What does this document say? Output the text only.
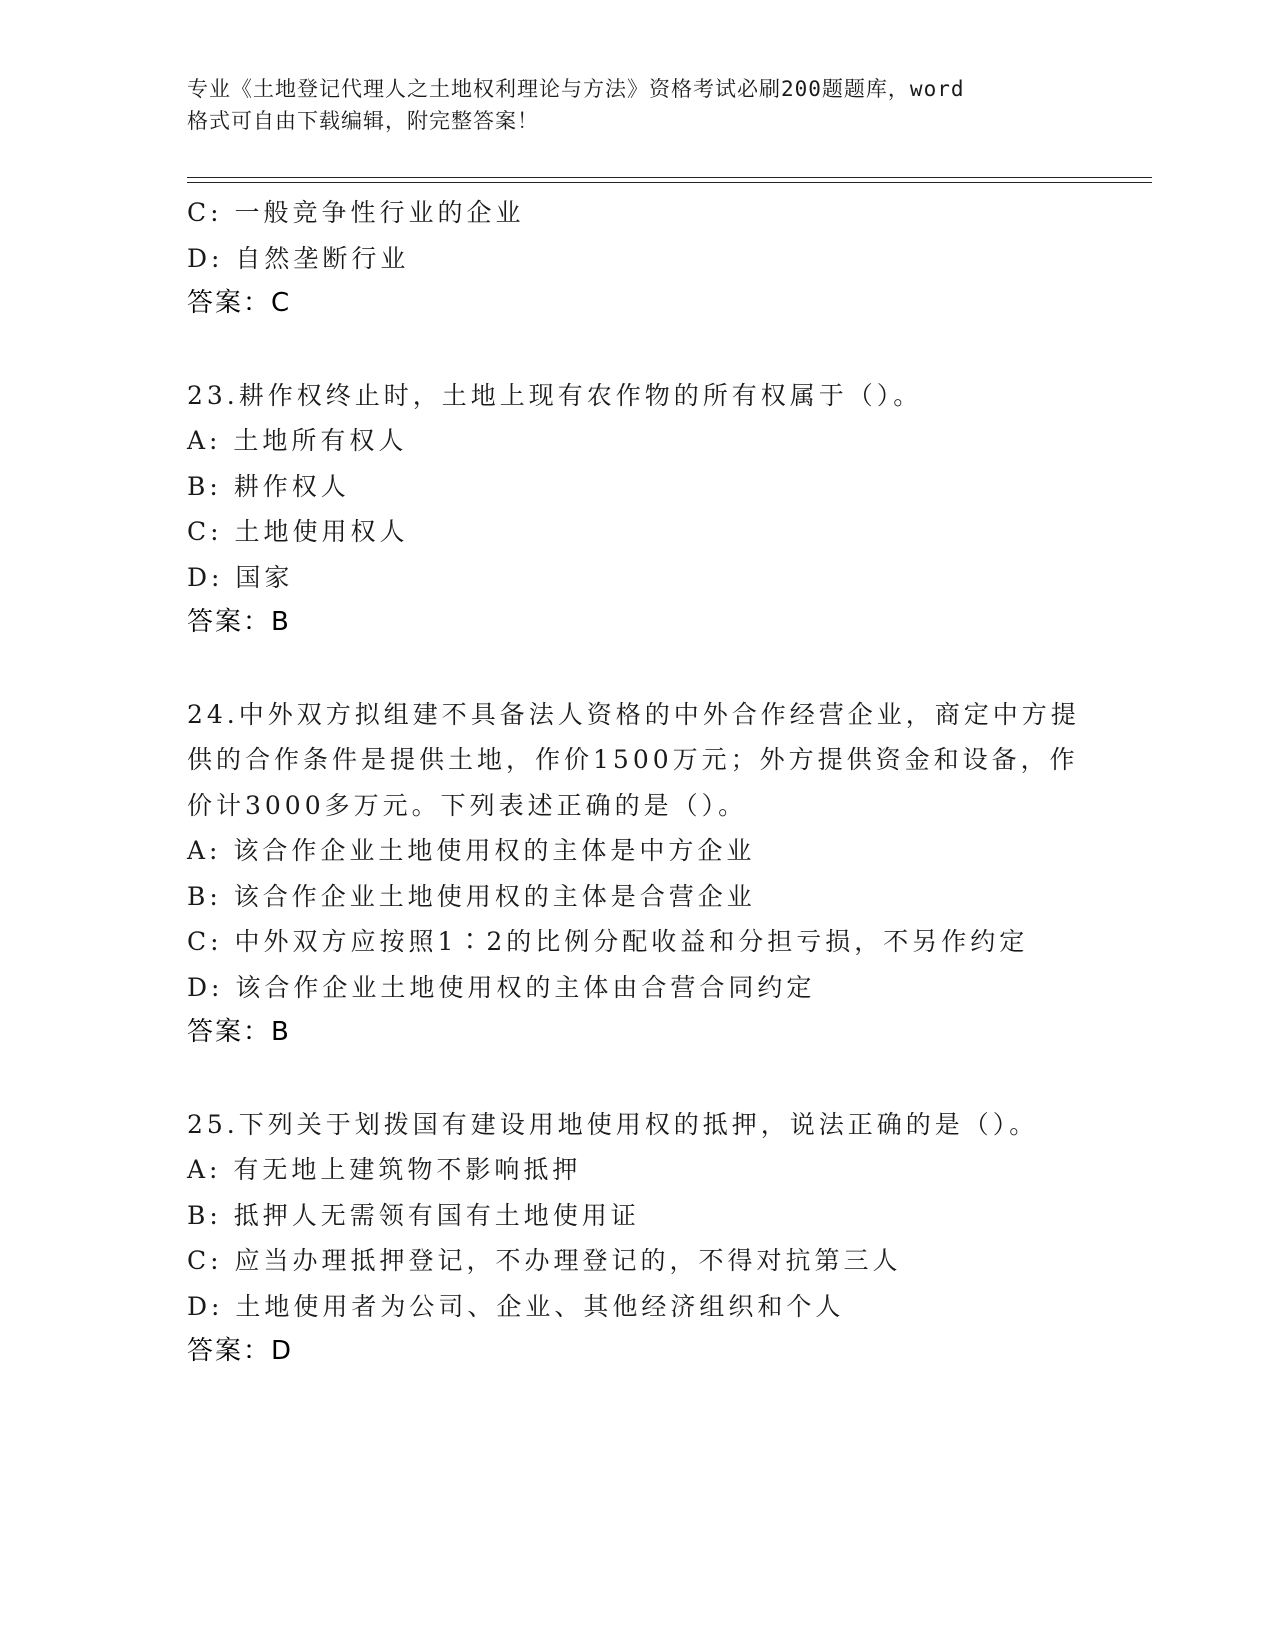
专业《土地登记代理人之土地权利理论与方法》资格考试必刷200题题库，word
格式可自由下载编辑，附完整答案！
C: 一般竞争性行业的企业
D: 自然垄断行业
答案：C
23.耕作权终止时，土地上现有农作物的所有权属于（）。
A: 土地所有权人
B: 耕作权人
C: 土地使用权人
D: 国家
答案：B
24.中外双方拟组建不具备法人资格的中外合作经营企业，商定中方提
供的合作条件是提供土地，作价1500万元；外方提供资金和设备，作
价计3000多万元。下列表述正确的是（）。
A: 该合作企业土地使用权的主体是中方企业
B: 该合作企业土地使用权的主体是合营企业
C: 中外双方应按照1∶2的比例分配收益和分担亏损，不另作约定
D: 该合作企业土地使用权的主体由合营合同约定
答案：B
25.下列关于划拨国有建设用地使用权的抵押，说法正确的是（）。
A: 有无地上建筑物不影响抵押
B: 抵押人无需领有国有土地使用证
C: 应当办理抵押登记，不办理登记的，不得对抗第三人
D: 土地使用者为公司、企业、其他经济组织和个人
答案：D
